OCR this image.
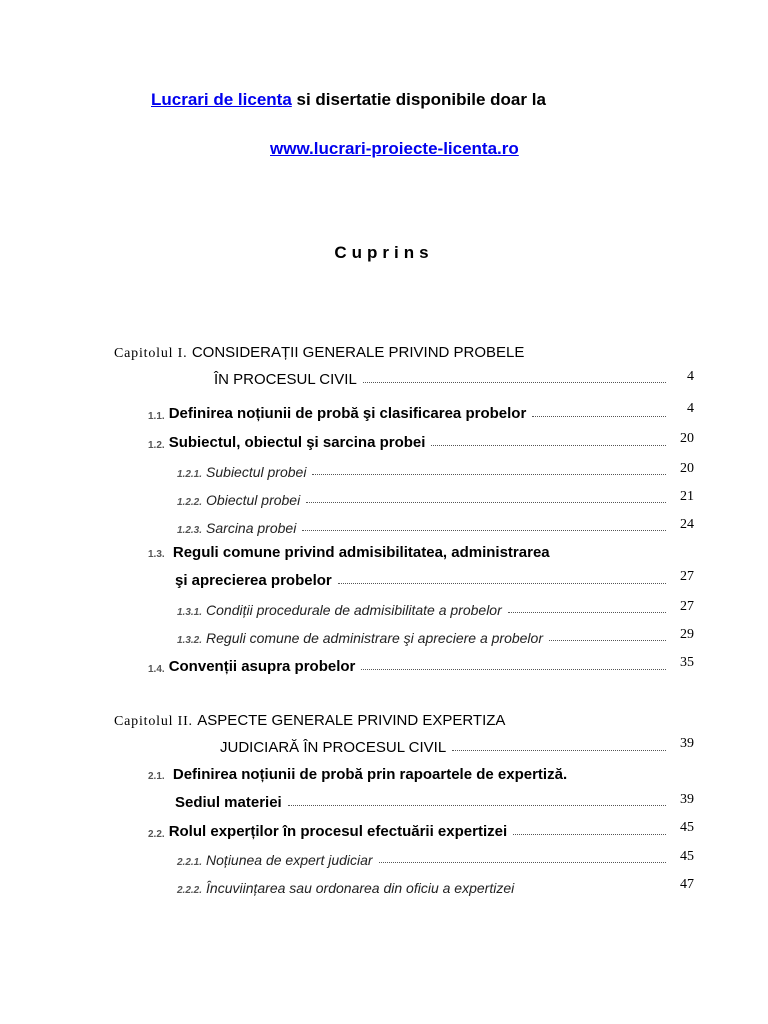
Lucrari de licenta si disertatie disponibile doar la
www.lucrari-proiecte-licenta.ro
Cuprins
Capitolul I. CONSIDERAȚII GENERALE PRIVIND PROBELE
ÎN PROCESUL CIVIL	4
1.1. Definirea noțiunii de probă şi clasificarea probelor	4
1.2. Subiectul, obiectul şi sarcina probei	20
1.2.1. Subiectul probei	20
1.2.2. Obiectul probei	21
1.2.3. Sarcina probei	24
1.3. Reguli comune privind admisibilitatea, administrarea
şi aprecierea probelor	27
1.3.1. Condiții procedurale de admisibilitate a probelor	27
1.3.2. Reguli comune de administrare şi apreciere a probelor	29
1.4. Convenții asupra probelor	35
Capitolul II. ASPECTE GENERALE PRIVIND EXPERTIZA
JUDICIARĂ ÎN PROCESUL CIVIL	39
2.1. Definirea noțiunii de probă prin rapoartele de expertiză.
Sediul materiei	39
2.2. Rolul experților în procesul efectuării expertizei	45
2.2.1. Noțiunea de expert judiciar	45
2.2.2. Încuviințarea sau ordonarea din oficiu a expertizei	47
